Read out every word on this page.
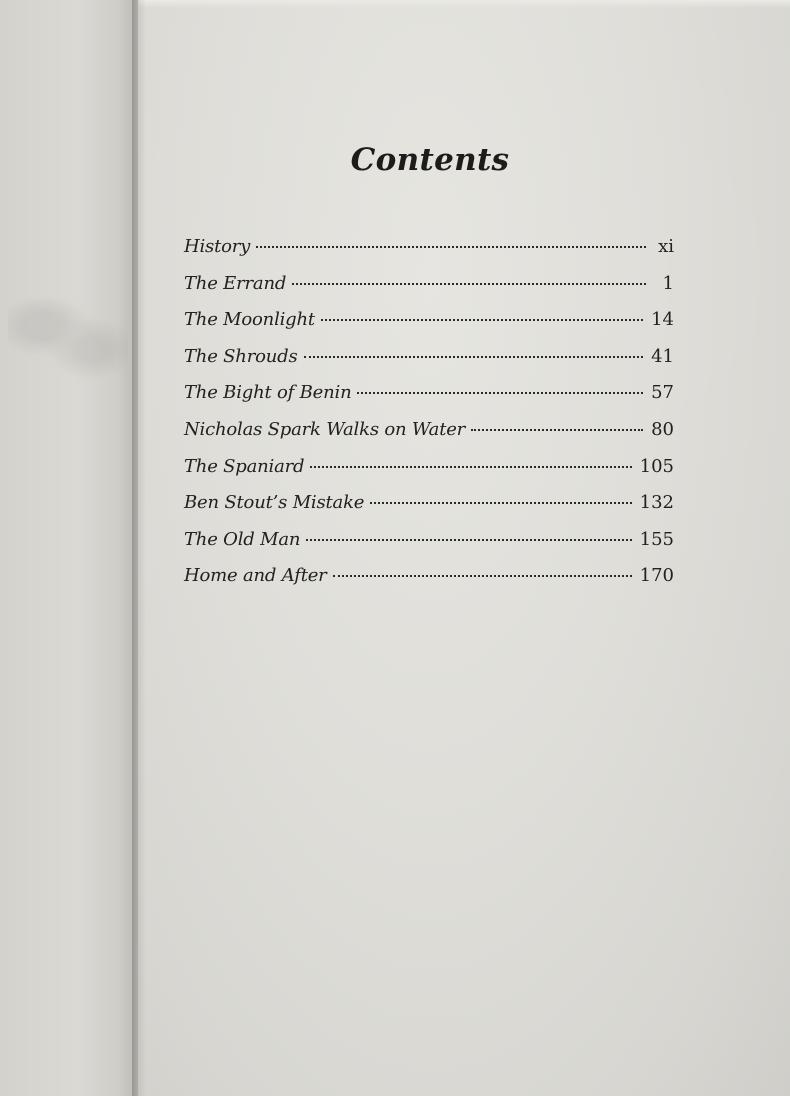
Contents
History	xi
The Errand	1
The Moonlight	14
The Shrouds	41
The Bight of Benin	57
Nicholas Spark Walks on Water	80
The Spaniard	105
Ben Stout’s Mistake	132
The Old Man	155
Home and After	170
